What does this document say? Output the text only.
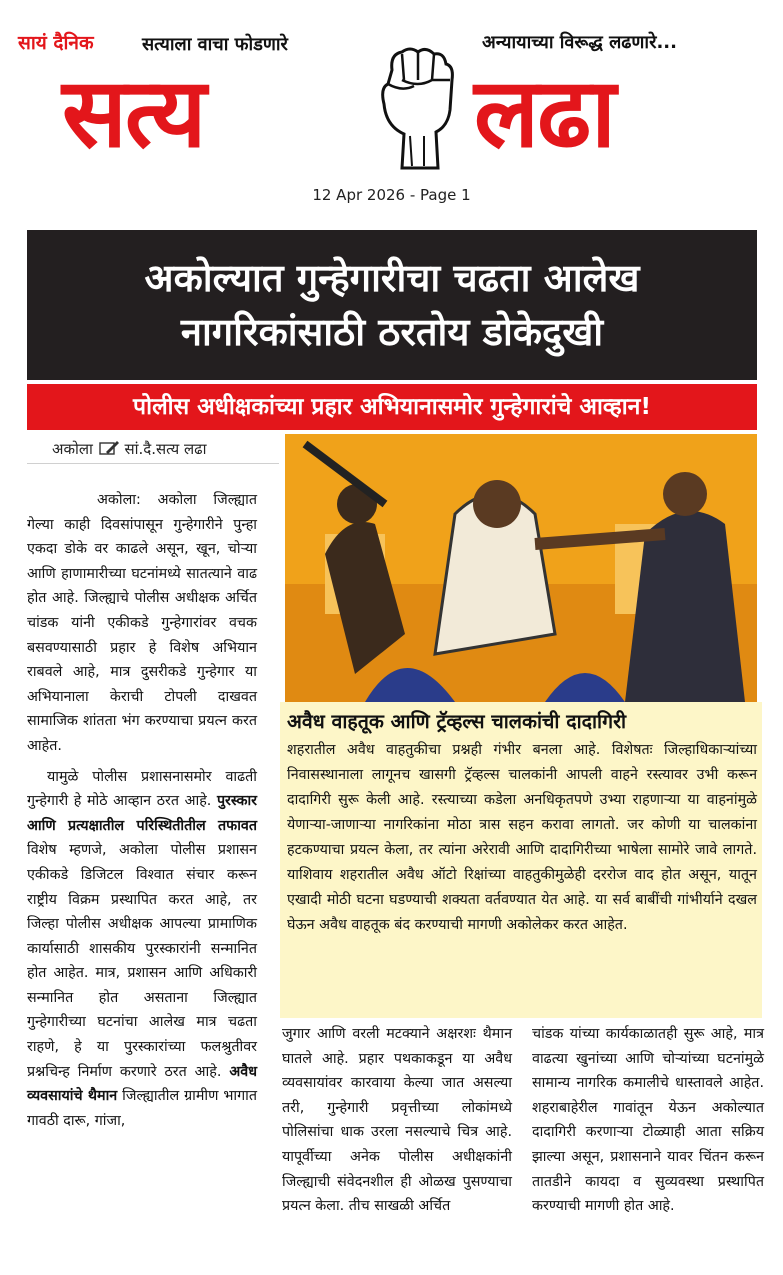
सायं दैनिक	सत्याला वाचा फोडणारे	अन्यायाच्या विरूद्ध लढणारे...
सत्य	लढा
12 Apr 2026 - Page 1
अकोल्यात गुन्हेगारीचा चढता आलेख
नागरिकांसाठी ठरतोय डोकेदुखी
पोलीस अधीक्षकांच्या प्रहार अभियानासमोर गुन्हेगारांचे आव्हान!
अकोला सां.दै.सत्य लढा

अकोला: अकोला जिल्ह्यात गेल्या काही दिवसांपासून गुन्हेगारीने पुन्हा एकदा डोके वर काढले असून, खून, चोऱ्या आणि हाणामारीच्या घटनांमध्ये सातत्याने वाढ होत आहे. जिल्ह्याचे पोलीस अधीक्षक अर्चित चांडक यांनी एकीकडे गुन्हेगारांवर वचक बसवण्यासाठी प्रहार हे विशेष अभियान राबवले आहे, मात्र दुसरीकडे गुन्हेगार या अभियानाला केराची टोपली दाखवत सामाजिक शांतता भंग करण्याचा प्रयत्न करत आहेत.

यामुळे पोलीस प्रशासनासमोर वाढती गुन्हेगारी हे मोठे आव्हान ठरत आहे. पुरस्कार आणि प्रत्यक्षातील परिस्थितीतील तफावत विशेष म्हणजे, अकोला पोलीस प्रशासन एकीकडे डिजिटल विश्वात संचार करून राष्ट्रीय विक्रम प्रस्थापित करत आहे, तर जिल्हा पोलीस अधीक्षक आपल्या प्रामाणिक कार्यासाठी शासकीय पुरस्कारांनी सन्मानित होत आहेत. मात्र, प्रशासन आणि अधिकारी सन्मानित होत असताना जिल्ह्यात गुन्हेगारीच्या घटनांचा आलेख मात्र चढता राहणे, हे या पुरस्कारांच्या फलश्रुतीवर प्रश्नचिन्ह निर्माण करणारे ठरत आहे. अवैध व्यवसायांचे थैमान जिल्ह्यातील ग्रामीण भागात गावठी दारू, गांजा,

अवैध वाहतूक आणि ट्रॅव्हल्स चालकांची दादागिरी
शहरातील अवैध वाहतुकीचा प्रश्नही गंभीर बनला आहे. विशेषतः जिल्हाधिकाऱ्यांच्या निवासस्थानाला लागूनच खासगी ट्रॅव्हल्स चालकांनी आपली वाहने रस्त्यावर उभी करून दादागिरी सुरू केली आहे. रस्त्याच्या कडेला अनधिकृतपणे उभ्या राहणाऱ्या या वाहनांमुळे येणाऱ्या-जाणाऱ्या नागरिकांना मोठा त्रास सहन करावा लागतो. जर कोणी या चालकांना हटकण्याचा प्रयत्न केला, तर त्यांना अरेरावी आणि दादागिरीच्या भाषेला सामोरे जावे लागते. याशिवाय शहरातील अवैध ऑटो रिक्षांच्या वाहतुकीमुळेही दररोज वाद होत असून, यातून एखादी मोठी घटना घडण्याची शक्यता वर्तवण्यात येत आहे. या सर्व बाबींची गांभीर्याने दखल घेऊन अवैध वाहतूक बंद करण्याची मागणी अकोलेकर करत आहेत.
जुगार आणि वरली मटक्याने अक्षरशः थैमान घातले आहे. प्रहार पथकाकडून या अवैध व्यवसायांवर कारवाया केल्या जात असल्या तरी, गुन्हेगारी प्रवृत्तीच्या लोकांमध्ये पोलिसांचा धाक उरला नसल्याचे चित्र आहे. यापूर्वीच्या अनेक पोलीस अधीक्षकांनी जिल्ह्याची संवेदनशील ही ओळख पुसण्याचा प्रयत्न केला. तीच साखळी अर्चित
चांडक यांच्या कार्यकाळातही सुरू आहे, मात्र वाढत्या खुनांच्या आणि चोऱ्यांच्या घटनांमुळे सामान्य नागरिक कमालीचे धास्तावले आहेत. शहराबाहेरील गावांतून येऊन अकोल्यात दादागिरी करणाऱ्या टोळ्याही आता सक्रिय झाल्या असून, प्रशासनाने यावर चिंतन करून तातडीने कायदा व सुव्यवस्था प्रस्थापित करण्याची मागणी होत आहे.
